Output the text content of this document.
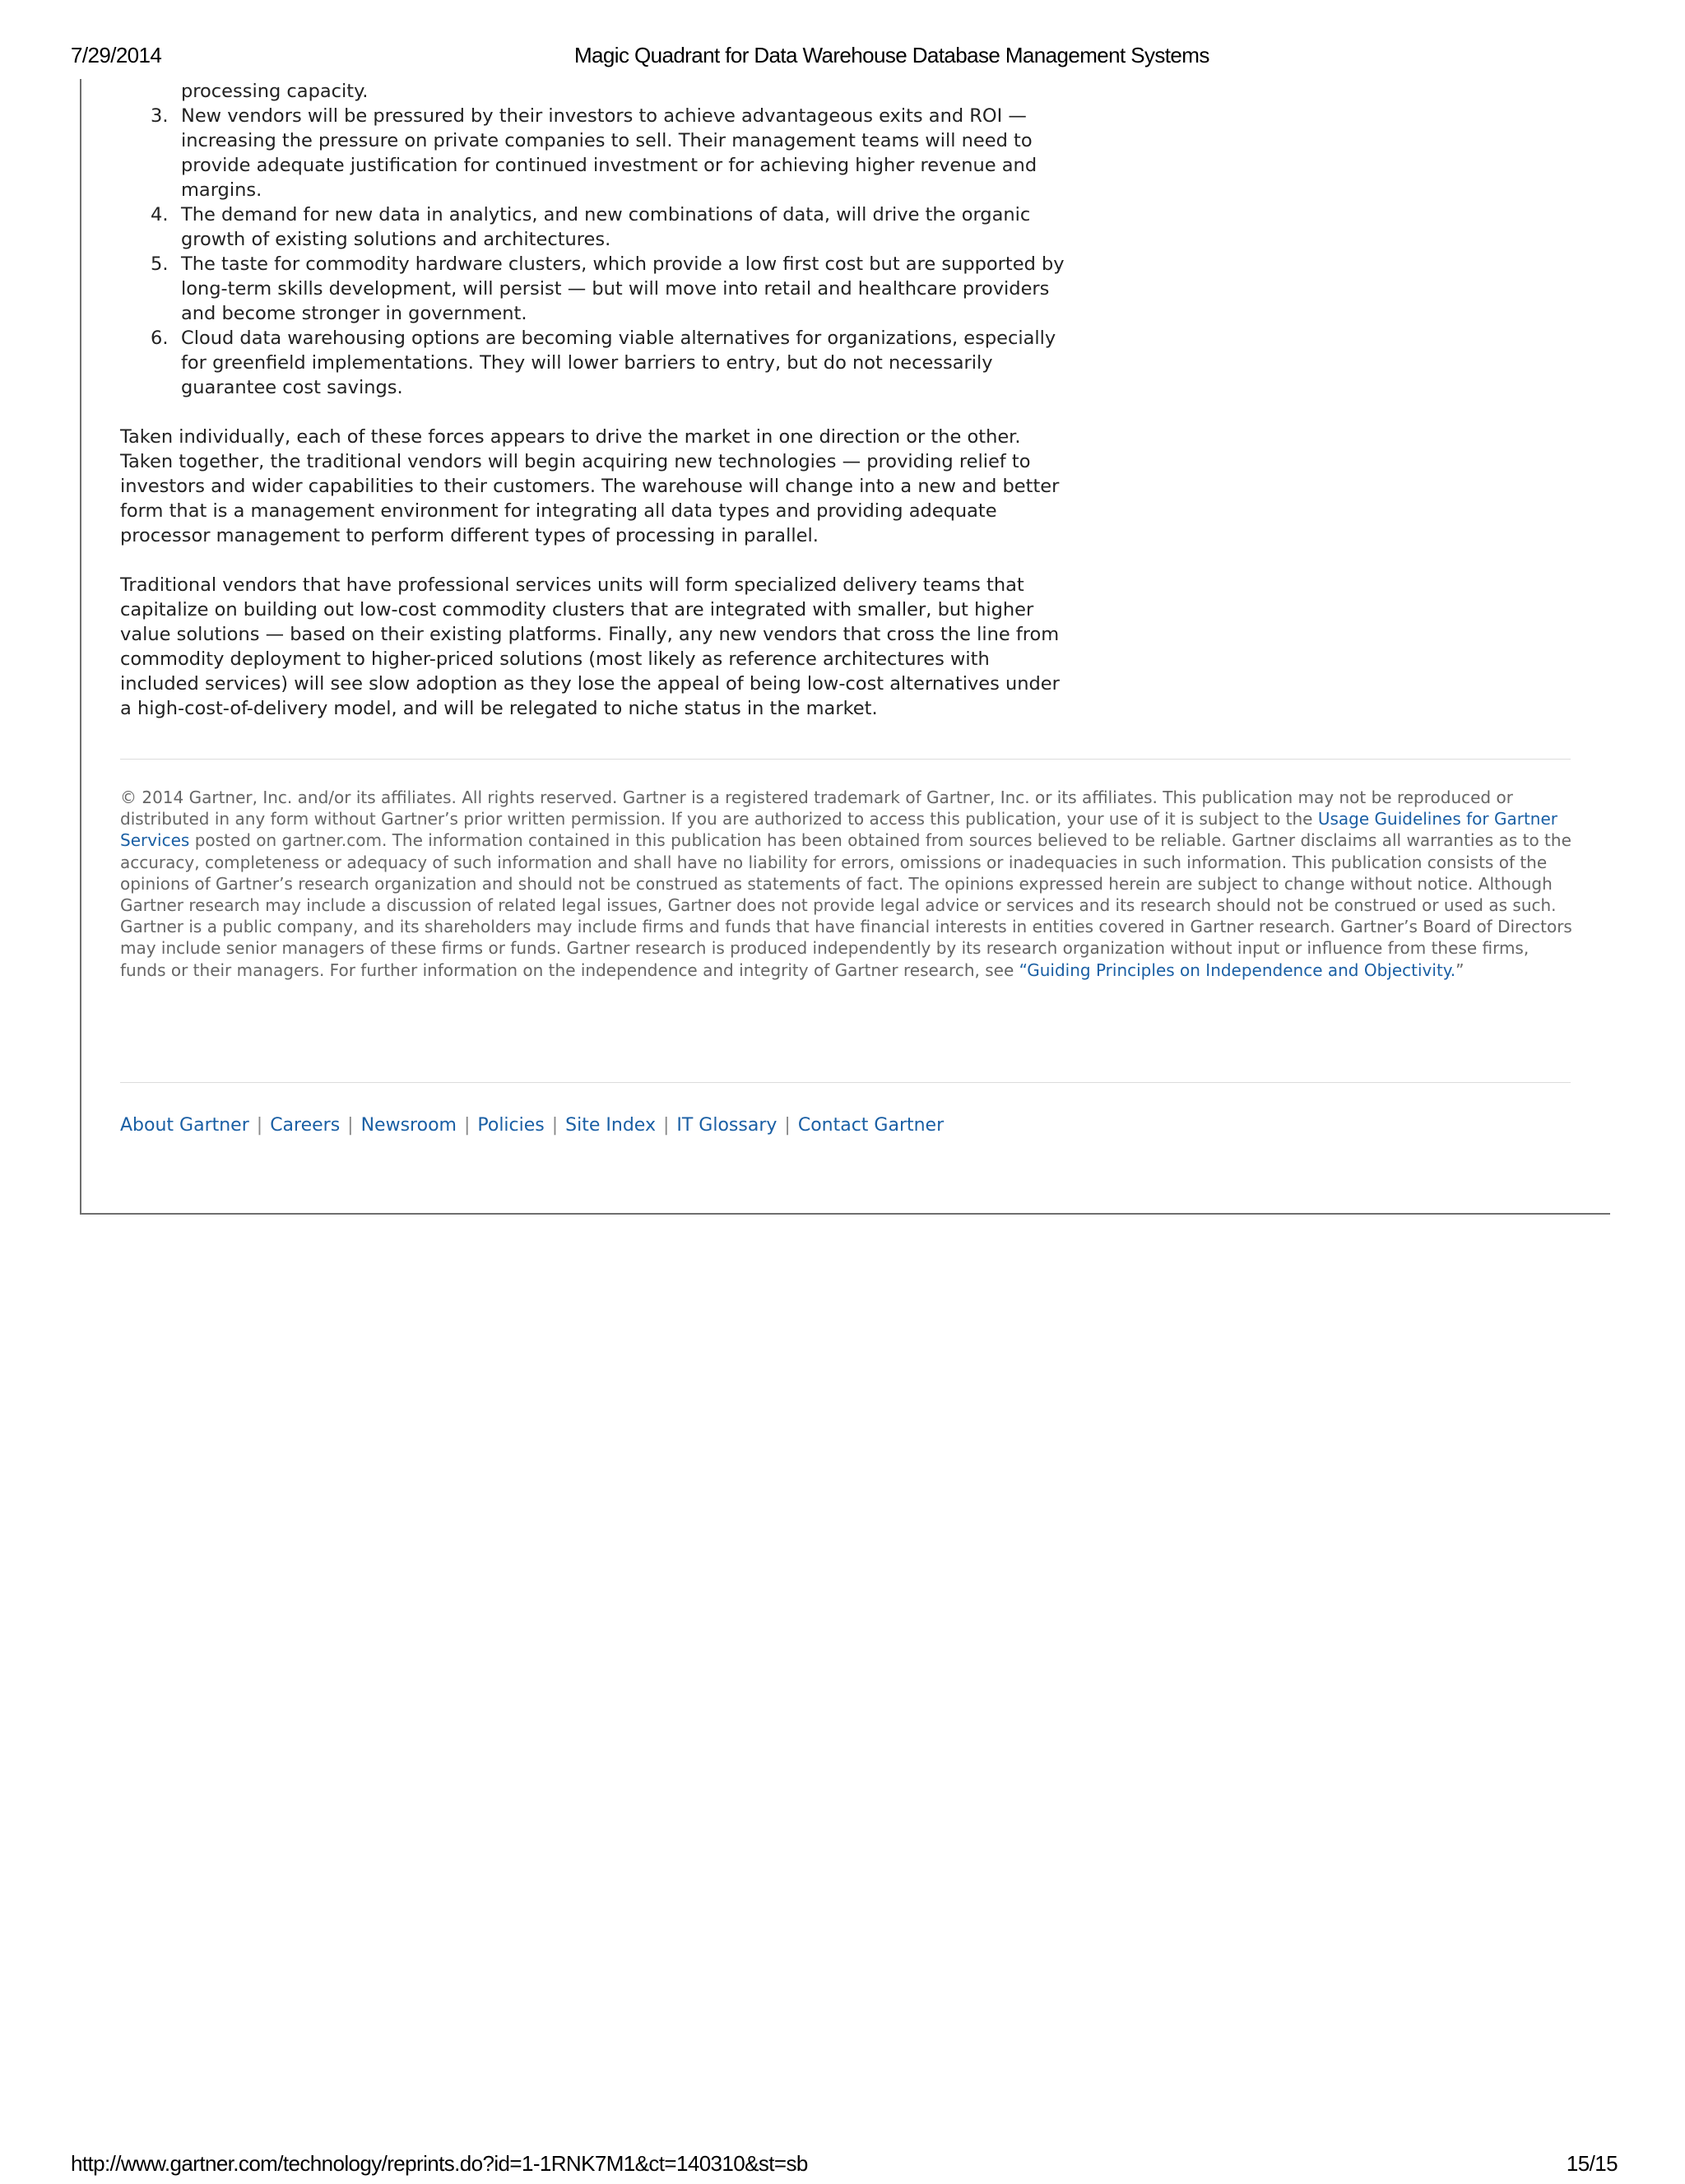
7/29/2014	Magic Quadrant for Data Warehouse Database Management Systems
processing capacity.
3. New vendors will be pressured by their investors to achieve advantageous exits and ROI — increasing the pressure on private companies to sell. Their management teams will need to provide adequate justification for continued investment or for achieving higher revenue and margins.
4. The demand for new data in analytics, and new combinations of data, will drive the organic growth of existing solutions and architectures.
5. The taste for commodity hardware clusters, which provide a low first cost but are supported by long-term skills development, will persist — but will move into retail and healthcare providers and become stronger in government.
6. Cloud data warehousing options are becoming viable alternatives for organizations, especially for greenfield implementations. They will lower barriers to entry, but do not necessarily guarantee cost savings.

Taken individually, each of these forces appears to drive the market in one direction or the other. Taken together, the traditional vendors will begin acquiring new technologies — providing relief to investors and wider capabilities to their customers. The warehouse will change into a new and better form that is a management environment for integrating all data types and providing adequate processor management to perform different types of processing in parallel.

Traditional vendors that have professional services units will form specialized delivery teams that capitalize on building out low-cost commodity clusters that are integrated with smaller, but higher value solutions — based on their existing platforms. Finally, any new vendors that cross the line from commodity deployment to higher-priced solutions (most likely as reference architectures with included services) will see slow adoption as they lose the appeal of being low-cost alternatives under a high-cost-of-delivery model, and will be relegated to niche status in the market.

© 2014 Gartner, Inc. and/or its affiliates. All rights reserved. Gartner is a registered trademark of Gartner, Inc. or its affiliates. This publication may not be reproduced or distributed in any form without Gartner’s prior written permission. If you are authorized to access this publication, your use of it is subject to the Usage Guidelines for Gartner Services posted on gartner.com. The information contained in this publication has been obtained from sources believed to be reliable. Gartner disclaims all warranties as to the accuracy, completeness or adequacy of such information and shall have no liability for errors, omissions or inadequacies in such information. This publication consists of the opinions of Gartner’s research organization and should not be construed as statements of fact. The opinions expressed herein are subject to change without notice. Although Gartner research may include a discussion of related legal issues, Gartner does not provide legal advice or services and its research should not be construed or used as such. Gartner is a public company, and its shareholders may include firms and funds that have financial interests in entities covered in Gartner research. Gartner’s Board of Directors may include senior managers of these firms or funds. Gartner research is produced independently by its research organization without input or influence from these firms, funds or their managers. For further information on the independence and integrity of Gartner research, see “Guiding Principles on Independence and Objectivity.”
About Gartner | Careers | Newsroom | Policies | Site Index | IT Glossary | Contact Gartner
http://www.gartner.com/technology/reprints.do?id=1-1RNK7M1&ct=140310&st=sb	15/15
